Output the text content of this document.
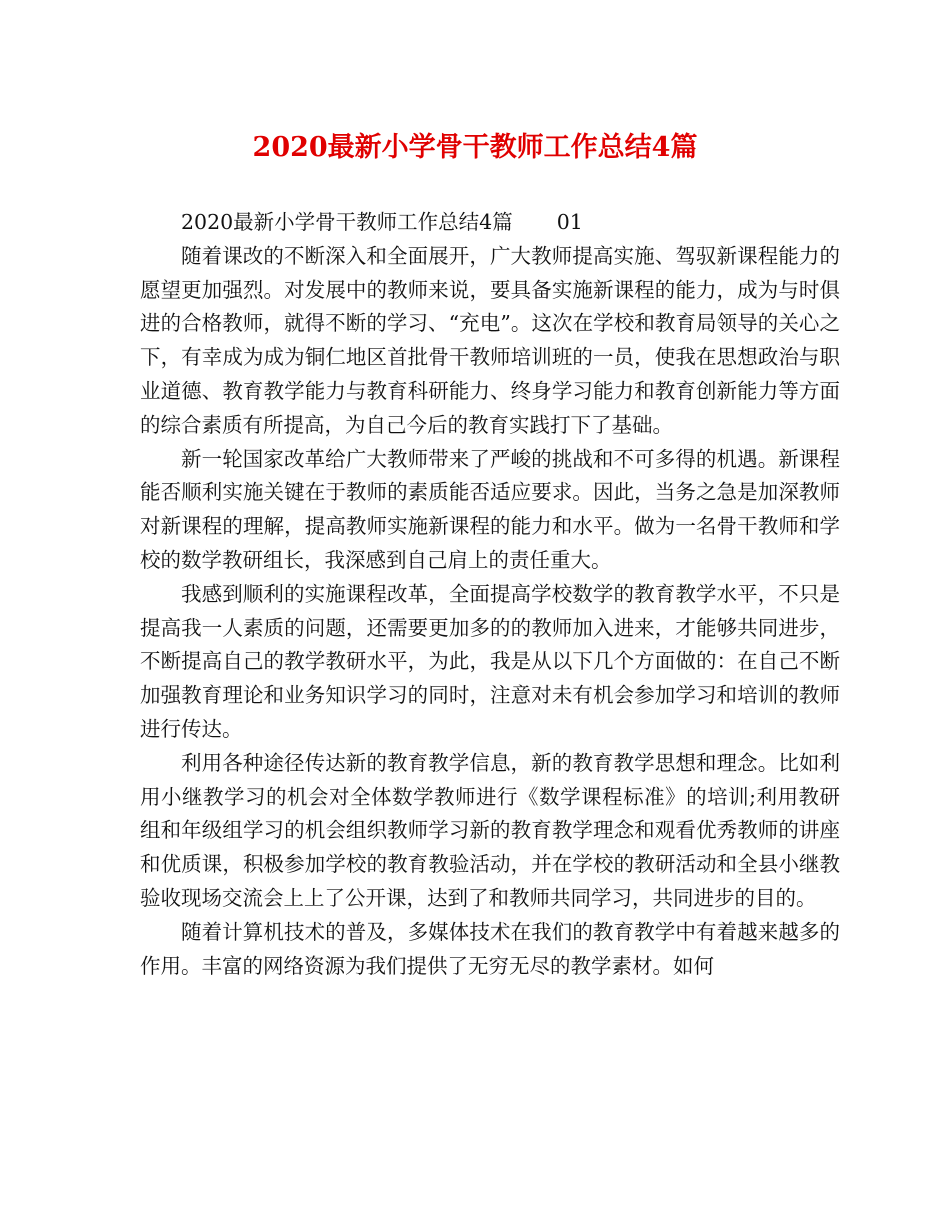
2020最新小学骨干教师工作总结4篇

2020最新小学骨干教师工作总结4篇 01

随着课改的不断深入和全面展开，广大教师提高实施、驾驭新课程能力的愿望更加强烈。对发展中的教师来说，要具备实施新课程的能力，成为与时俱进的合格教师，就得不断的学习、“充电”。这次在学校和教育局领导的关心之下，有幸成为成为铜仁地区首批骨干教师培训班的一员，使我在思想政治与职业道德、教育教学能力与教育科研能力、终身学习能力和教育创新能力等方面的综合素质有所提高，为自己今后的教育实践打下了基础。

新一轮国家改革给广大教师带来了严峻的挑战和不可多得的机遇。新课程能否顺利实施关键在于教师的素质能否适应要求。因此，当务之急是加深教师对新课程的理解，提高教师实施新课程的能力和水平。做为一名骨干教师和学校的数学教研组长，我深感到自己肩上的责任重大。

我感到顺利的实施课程改革，全面提高学校数学的教育教学水平，不只是提高我一人素质的问题，还需要更加多的的教师加入进来，才能够共同进步，不断提高自己的教学教研水平，为此，我是从以下几个方面做的：在自己不断加强教育理论和业务知识学习的同时，注意对未有机会参加学习和培训的教师进行传达。

利用各种途径传达新的教育教学信息，新的教育教学思想和理念。比如利用小继教学习的机会对全体数学教师进行《数学课程标准》的培训;利用教研组和年级组学习的机会组织教师学习新的教育教学理念和观看优秀教师的讲座和优质课，积极参加学校的教育教验活动，并在学校的教研活动和全县小继教验收现场交流会上上了公开课，达到了和教师共同学习，共同进步的目的。

随着计算机技术的普及，多媒体技术在我们的教育教学中有着越来越多的作用。丰富的网络资源为我们提供了无穷无尽的教学素材。如何
